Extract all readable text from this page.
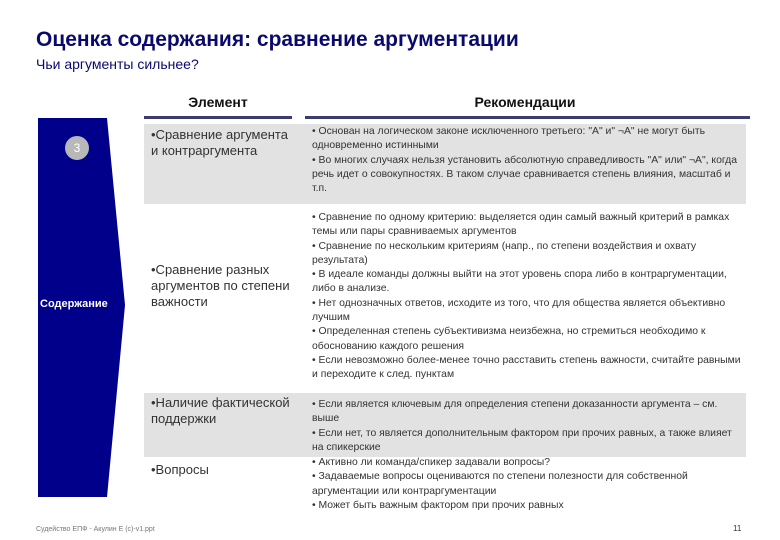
Оценка содержания: сравнение аргументации
Чьи аргументы сильнее?
Элемент	Рекомендации
3
Содержание
•Сравнение аргумента и контраргумента
•Сравнение разных аргументов по степени важности
•Наличие фактической поддержки
•Вопросы
• Основан на логическом законе исключенного третьего: "А" и" ¬А" не могут быть одновременно истинными
• Во многих случаях нельзя установить абсолютную справедливость "А" или" ¬А", когда речь идет о совокупностях. В таком случае сравнивается степень влияния, масштаб и т.п.
• Сравнение по одному критерию: выделяется один самый важный критерий в рамках темы или пары сравниваемых аргументов
• Сравнение по нескольким критериям (напр., по степени воздействия и охвату результата)
• В идеале команды должны выйти на этот уровень спора либо в контраргументации, либо в анализе.
• Нет однозначных ответов, исходите из того, что для общества является объективно лучшим
• Определенная степень субъективизма неизбежна, но стремиться необходимо к обоснованию каждого решения
• Если невозможно более-менее точно расставить степень важности, считайте равными и переходите к след. пунктам
• Если является ключевым для определения степени доказанности аргумента – см. выше
• Если нет, то является дополнительным фактором при прочих равных, а также влияет на спикерские
• Активно ли команда/спикер задавали вопросы?
• Задаваемые вопросы оцениваются по степени полезности для собственной аргументации или контраргументации
• Может быть важным фактором при прочих равных
Судейство ЕПФ - Акулин Е (с)-v1.ppt	11
